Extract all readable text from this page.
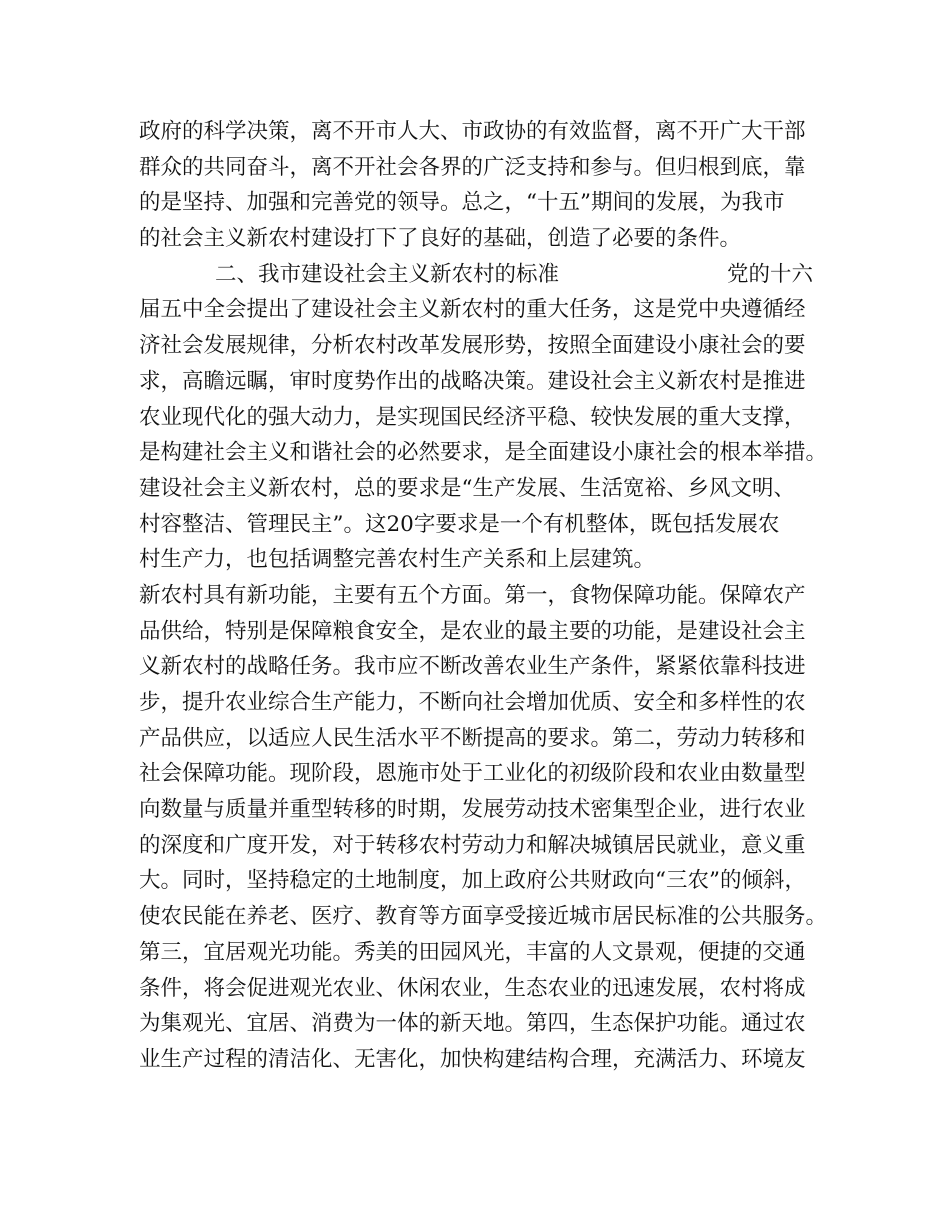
政府的科学决策，离不开市人大、市政协的有效监督，离不开广大干部
群众的共同奋斗，离不开社会各界的广泛支持和参与。但归根到底，靠
的是坚持、加强和完善党的领导。总之，“十五”期间的发展，为我市
的社会主义新农村建设打下了良好的基础，创造了必要的条件。
二、我市建设社会主义新农村的标准	党的十六
届五中全会提出了建设社会主义新农村的重大任务，这是党中央遵循经
济社会发展规律，分析农村改革发展形势，按照全面建设小康社会的要
求，高瞻远瞩，审时度势作出的战略决策。建设社会主义新农村是推进
农业现代化的强大动力，是实现国民经济平稳、较快发展的重大支撑，
是构建社会主义和谐社会的必然要求，是全面建设小康社会的根本举措。
建设社会主义新农村，总的要求是“生产发展、生活宽裕、乡风文明、
村容整洁、管理民主”。这20字要求是一个有机整体，既包括发展农
村生产力，也包括调整完善农村生产关系和上层建筑。
新农村具有新功能，主要有五个方面。第一，食物保障功能。保障农产
品供给，特别是保障粮食安全，是农业的最主要的功能，是建设社会主
义新农村的战略任务。我市应不断改善农业生产条件，紧紧依靠科技进
步，提升农业综合生产能力，不断向社会增加优质、安全和多样性的农
产品供应，以适应人民生活水平不断提高的要求。第二，劳动力转移和
社会保障功能。现阶段，恩施市处于工业化的初级阶段和农业由数量型
向数量与质量并重型转移的时期，发展劳动技术密集型企业，进行农业
的深度和广度开发，对于转移农村劳动力和解决城镇居民就业，意义重
大。同时，坚持稳定的土地制度，加上政府公共财政向“三农”的倾斜，
使农民能在养老、医疗、教育等方面享受接近城市居民标准的公共服务。
第三，宜居观光功能。秀美的田园风光，丰富的人文景观，便捷的交通
条件，将会促进观光农业、休闲农业，生态农业的迅速发展，农村将成
为集观光、宜居、消费为一体的新天地。第四，生态保护功能。通过农
业生产过程的清洁化、无害化，加快构建结构合理，充满活力、环境友
